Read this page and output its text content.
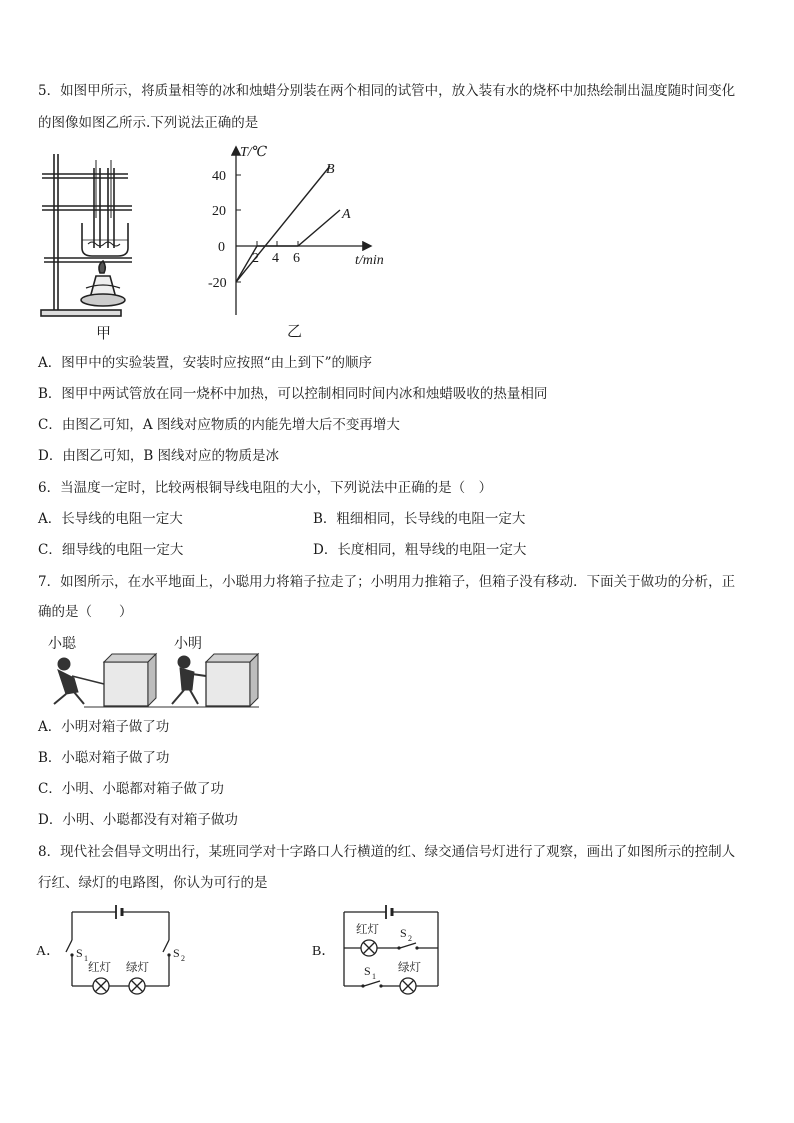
5．如图甲所示，将质量相等的冰和烛蜡分别装在两个相同的试管中，放入装有水的烧杯中加热绘制出温度随时间变化
的图像如图乙所示.下列说法正确的是
甲
T/℃
t/min
40
20
0
-20
2 4 6
B
A
乙
A．图甲中的实验装置，安装时应按照“由上到下”的顺序
B．图甲中两试管放在同一烧杯中加热，可以控制相同时间内冰和烛蜡吸收的热量相同
C．由图乙可知，A 图线对应物质的内能先增大后不变再增大
D．由图乙可知，B 图线对应的物质是冰
6．当温度一定时，比较两根铜导线电阻的大小，下列说法中正确的是（　）
A．长导线的电阻一定大	B．粗细相同，长导线的电阻一定大
C．细导线的电阻一定大	D．长度相同，粗导线的电阻一定大
7．如图所示，在水平地面上，小聪用力将箱子拉走了；小明用力推箱子，但箱子没有移动．下面关于做功的分析，正
确的是（　　）
小聪	小明
A．小明对箱子做了功
B．小聪对箱子做了功
C．小明、小聪都对箱子做了功
D．小明、小聪都没有对箱子做功
8．现代社会倡导文明出行，某班同学对十字路口人行横道的红、绿交通信号灯进行了观察，画出了如图所示的控制人
行红、绿灯的电路图，你认为可行的是
A． S 1	S 2
红灯 绿灯
B．
红灯 S 2
S 1
绿灯
